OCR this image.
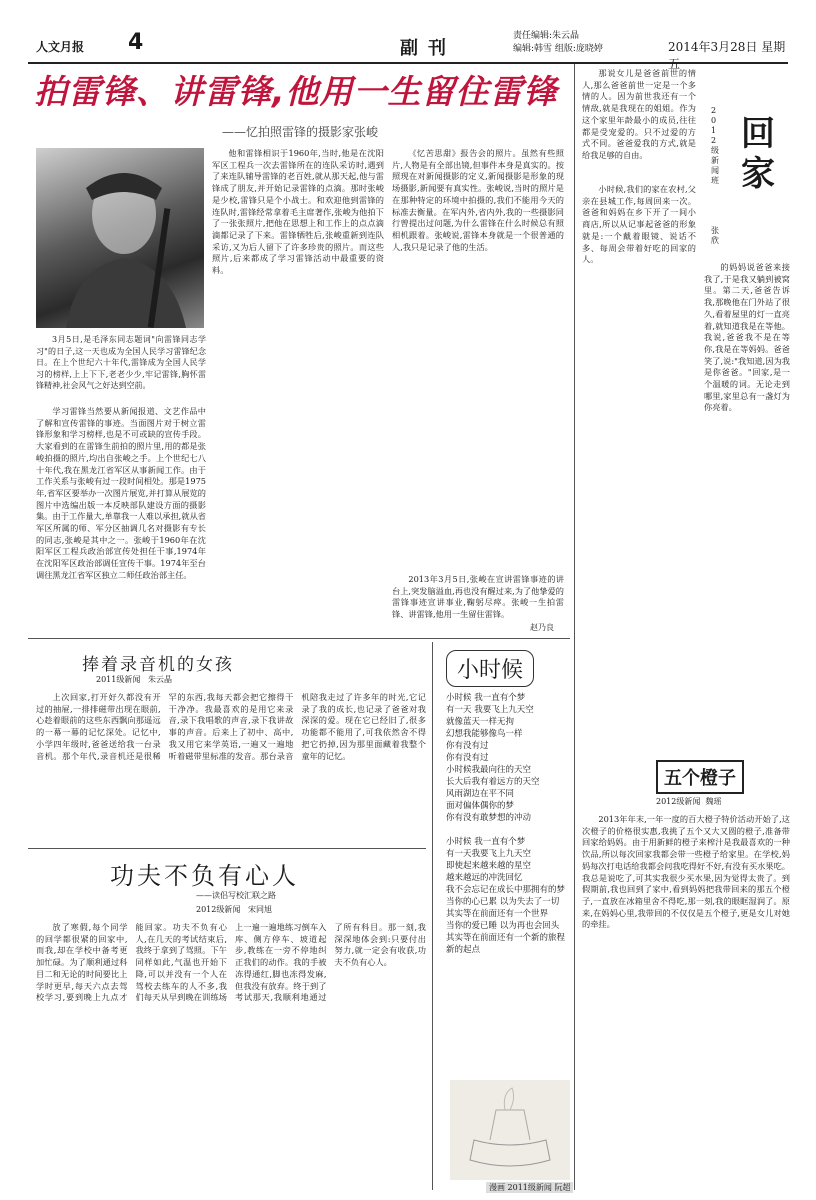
人文月报 4	副刊
责任编辑:朱云晶
编辑:韩雪 组版:庞晓婷	2014年3月28日 星期五
拍雷锋、讲雷锋,他用一生留住雷锋
——忆拍照雷锋的摄影家张峻
3月5日,是毛泽东同志题词"向雷锋同志学习"的日子,这一天也成为全国人民学习雷锋纪念日。在上个世纪六十年代,雷锋成为全国人民学习的榜样,上上下下,老老少少,牢记雷锋,胸怀雷锋精神,社会风气之好达到空前。
学习雷锋当然要从新闻报道、文艺作品中了解和宣传雷锋的事迹。当面图片对于树立雷锋形象和学习榜样,也是不可或缺的宣传手段。大家看到的在雷锋生前拍的照片里,用的都是张峻拍摄的照片,均出自张峻之手。上个世纪七八十年代,我在黑龙江省军区从事新闻工作。由于工作关系与张峻有过一段时间相处。那是1975年,省军区要举办一次图片展览,并打算从展览的图片中选编出版一本反映部队建设方面的摄影集。由于工作量大,单靠我一人难以承担,就从省军区所属的师、军分区抽调几名对摄影有专长的同志,张峻是其中之一。张峻于1960年在沈阳军区工程兵政治部宣传处担任干事,1974年在沈阳军区政治部调任宣传干事。1974年至台调往黑龙江省军区独立二师任政治部主任。
他和雷锋相识于1960年,当时,他是在沈阳军区工程兵一次去雷锋所在的连队采访时,遇到了来连队辅导雷锋的老百姓,就从那天起,他与雷锋成了朋友,并开始记录雷锋的点滴。那时张峻是少校,雷锋只是个小战士。和欢迎他到雷锋的连队时,雷锋经常拿着毛主席著作,张峻为他拍下了一张张照片,把他在思想上和工作上的点点滴滴都记录了下来。雷锋牺牲后,张峻重新到连队采访,又为后人留下了许多珍贵的照片。而这些照片,后来都成了学习雷锋活动中最重要的资料。
《忆苦思甜》报告会的照片。虽然有些照片,人物是有全部出镜,但事件本身是真实的。按照现在对新闻摄影的定义,新闻摄影是形象的现场摄影,新闻要有真实性。张峻说,当时的照片是在那种特定的环境中拍摄的,我们不能用今天的标准去衡量。在军内外,省内外,我的一些摄影同行曾提出过问题,为什么雷锋在什么时候总有照相机跟着。张峻说,雷锋本身就是一个很普通的人,我只是记录了他的生活。
2013年3月5日,张峻在宣讲雷锋事迹的讲台上,突发脑溢血,再也没有醒过来,为了他挚爱的雷锋事迹宣讲事业,鞠躬尽瘁。张峻一生拍雷锋、讲雷锋,他用一生留住雷锋。
赵乃良
那说女儿是爸爸前世的情人,那么爸爸前世一定是一个多情的人。因为前世我还有一个情敌,就是我现在的姐姐。作为这个家里年龄最小的成员,往往都是受宠爱的。只不过爱的方式不同。爸爸爱我的方式,就是给我足够的自由。
回
家
2012级新闻班
张欣
小时候,我们的家在农村,父亲在县城工作,每周回来一次。爸爸和妈妈在乡下开了一间小商店,所以从记事起爸爸的形象就是:一个戴着眼镜、说话不多、每周会带着好吃的回家的人。
的妈妈说爸爸来接我了,于是我又躺到被窝里。第二天,爸爸告诉我,那晚他在门外站了很久,看着屋里的灯一直亮着,就知道我是在等他。我说,爸爸我不是在等你,我是在等妈妈。爸爸笑了,说:"我知道,因为我是你爸爸。"回家,是一个温暖的词。无论走到哪里,家里总有一盏灯为你亮着。
五个橙子
2012级新闻 魏瑶
2013年年末,一年一度的百大橙子特价活动开始了,这次橙子的价格很实惠,我挑了五个又大又圆的橙子,准备带回家给妈妈。由于用新鲜的橙子来榨汁是我最喜欢的一种饮品,所以每次回家我都会带一些橙子给家里。在学校,妈妈每次打电话给我都会问我吃得好不好,有没有买水果吃。我总是说吃了,可其实我很少买水果,因为觉得太贵了。到假期前,我也回到了家中,看到妈妈把我带回来的那五个橙子,一直放在冰箱里舍不得吃,那一刻,我的眼眶湿润了。原来,在妈妈心里,我带回的不仅仅是五个橙子,更是女儿对她的牵挂。
捧着录音机的女孩
2011级新闻 朱云晶
上次回家,打开好久都没有开过的抽屉,一排排磁带出现在眼前,心趁着眼前的这些东西飘向那遥远的一幕一幕的记忆深处。记忆中,小学四年级时,爸爸送给我一台录音机。那个年代,录音机还是很稀罕的东西,我每天都会把它擦得干干净净。我最喜欢的是用它来录音,录下我唱歌的声音,录下我讲故事的声音。后来上了初中、高中,我又用它来学英语,一遍又一遍地听着磁带里标准的发音。那台录音机陪我走过了许多年的时光,它记录了我的成长,也记录了爸爸对我深深的爱。现在它已经旧了,很多功能都不能用了,可我依然舍不得把它扔掉,因为那里面藏着我整个童年的记忆。
功夫不负有心人
——读侣写校汇联之路
2012级新闻 宋同旭
放了寒假,每个同学的回学都很紧的回家中,而我,却在学校中备考更加忙碌。为了顺利通过科目二和无论的时间要比上学时更早,每天六点去驾校学习,要到晚上九点才能回家。功夫不负有心人,在几天的考试结束后,我终于拿到了驾照。下午同样如此,气温也开始下降,可以并没有一个人在驾校去练车的人不多,我们每天从早到晚在训练场上一遍一遍地练习倒车入库、侧方停车、坡道起步,教练在一旁不停地纠正我们的动作。我的手被冻得通红,脚也冻得发麻,但我没有放弃。终于到了考试那天,我顺利地通过了所有科目。那一刻,我深深地体会到:只要付出努力,就一定会有收获,功夫不负有心人。
小时候
小时候 我一直有个梦
有一天 我要飞上九天空
就像蓝天一样无拘
幻想我能够像鸟一样
你有没有过
你有没有过
小时候我最向往的天空
长大后我有着远方的天空
风雨湖边在平不同
面对偏体偶你的梦
你有没有敢梦想的冲动
小时候 我一直有个梦
有一天我要飞上九天空
即使起来越来越的星空
越来越远的冲洗回忆
我不会忘记在成长中那拥有的梦
当你的心已累 以为失去了一切
其实等在前面还有一个世界
当你的爱已睡 以为再也会回头
其实等在前面还有一个新的旅程
新的起点
漫画 2011级新闻 阮超
